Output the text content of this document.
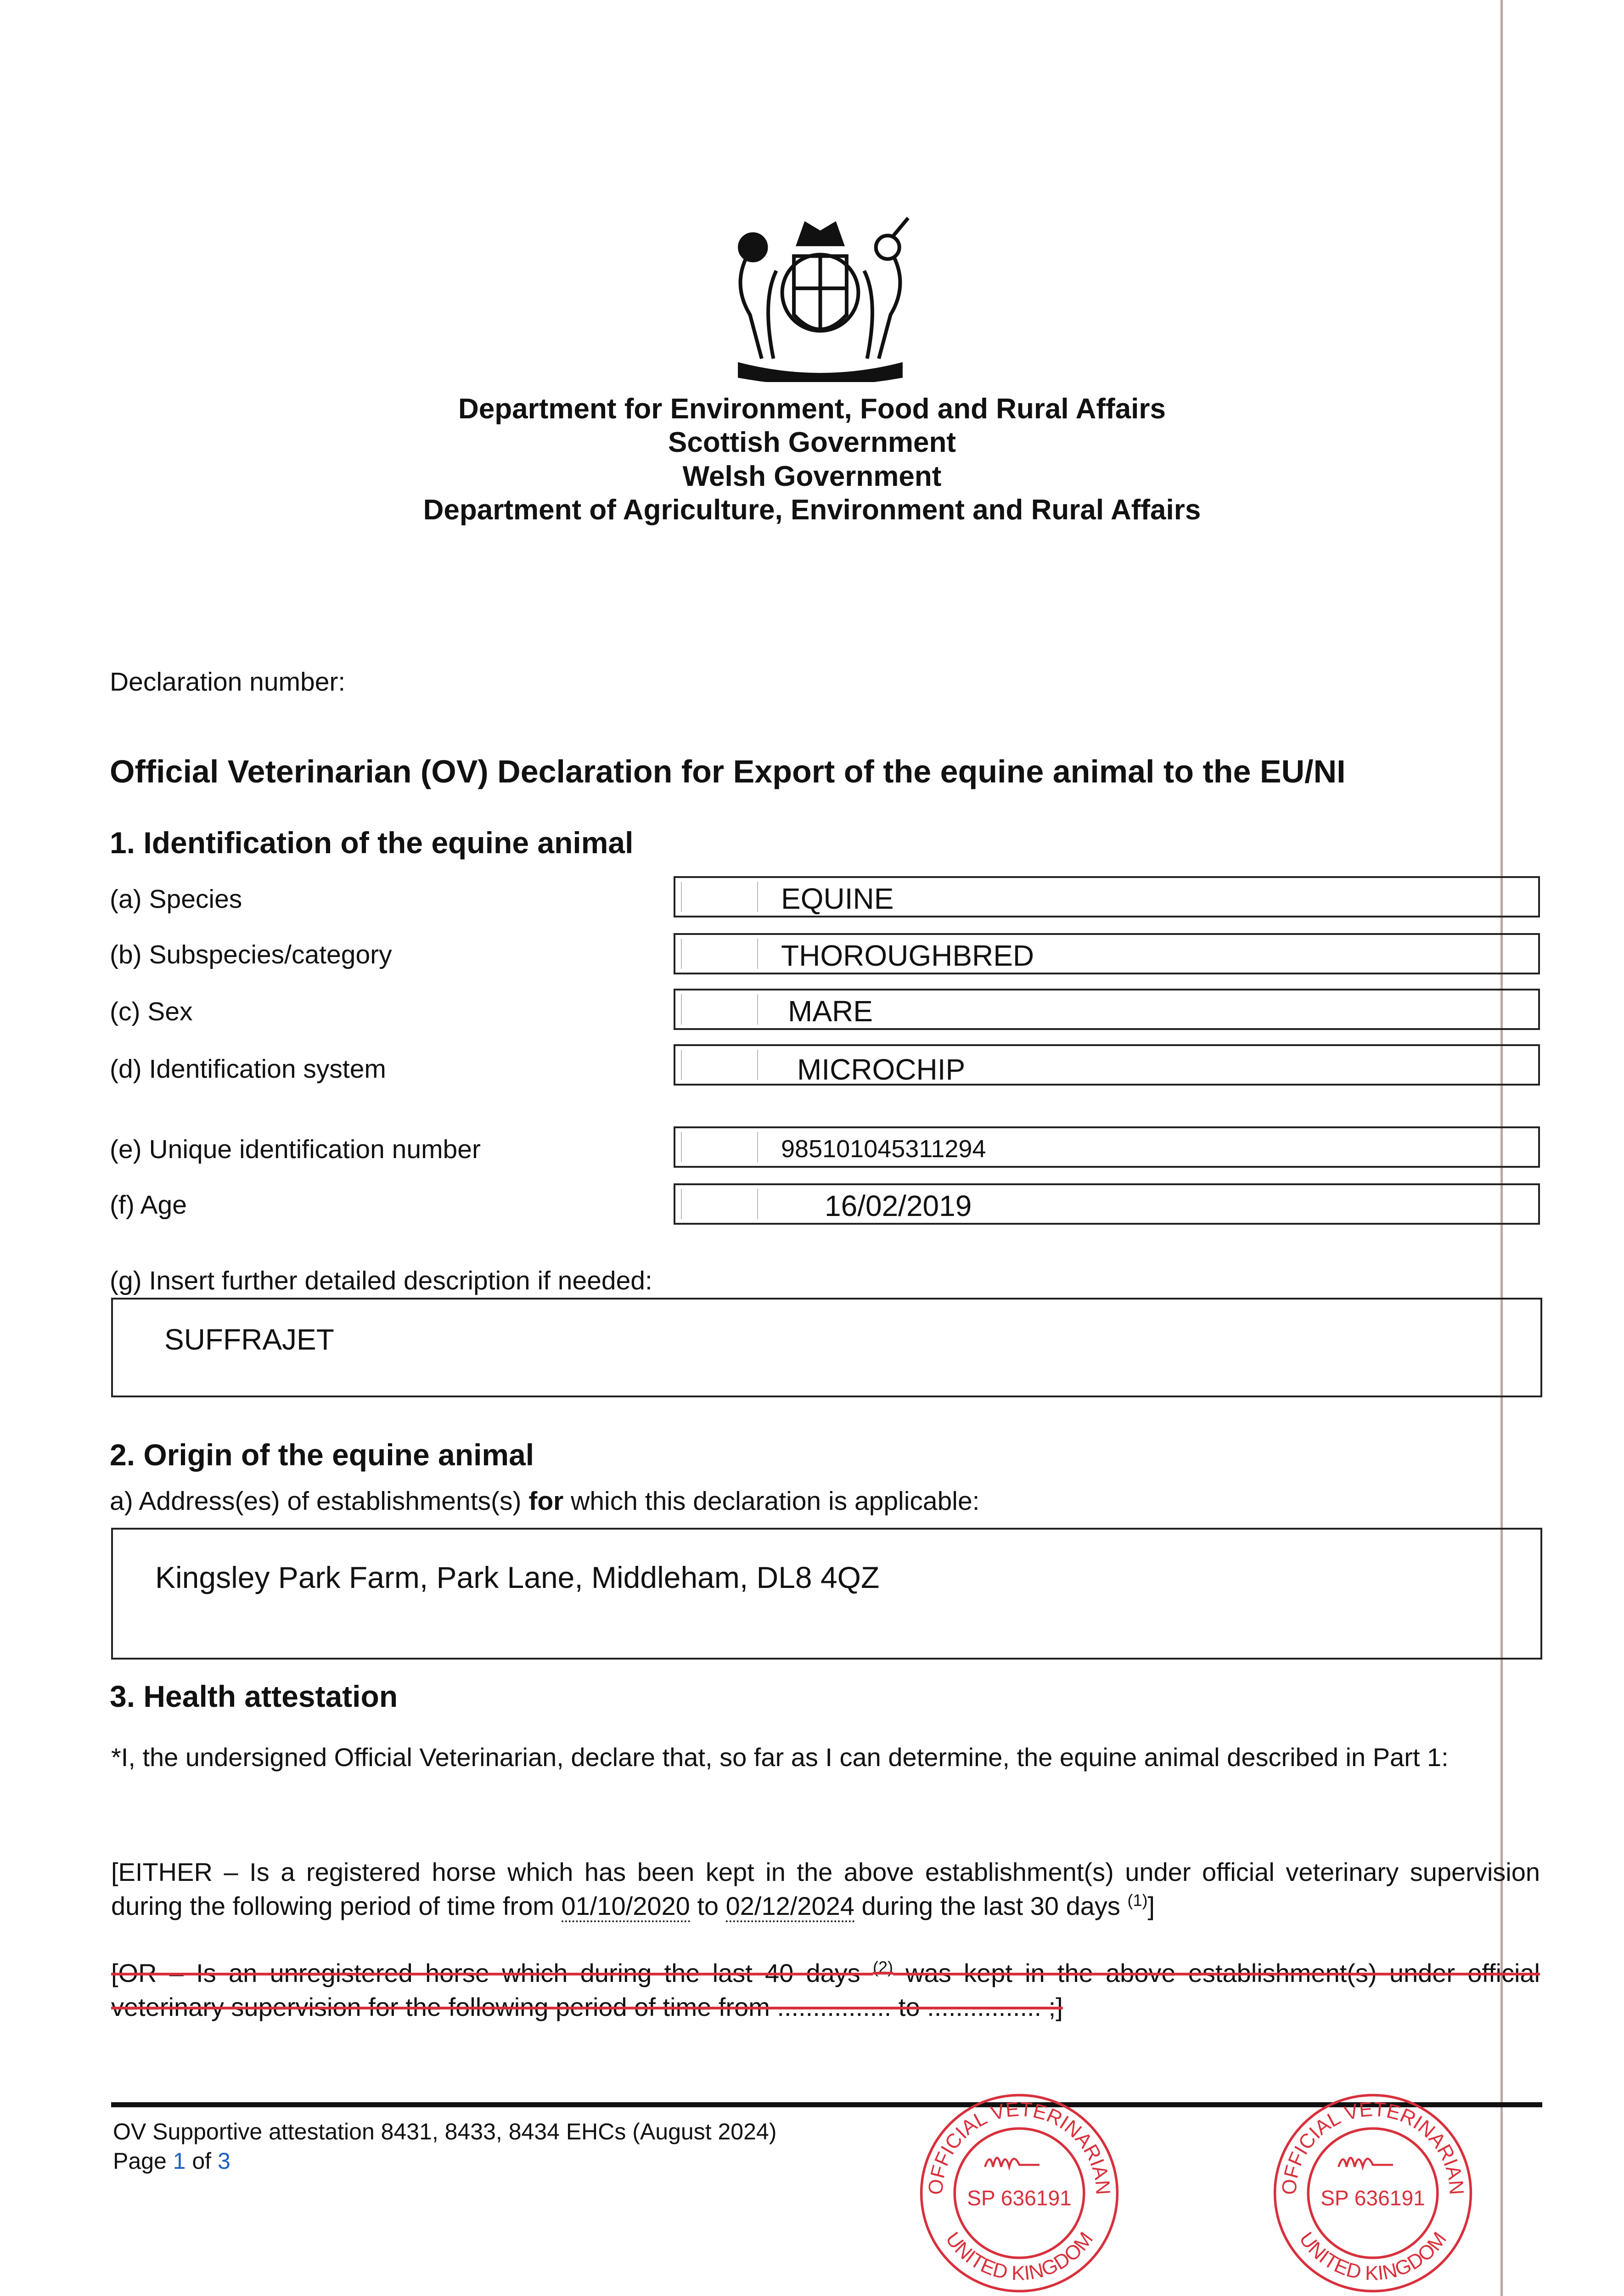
Department for Environment, Food and Rural Affairs
Scottish Government
Welsh Government
Department of Agriculture, Environment and Rural Affairs
Declaration number:
Official Veterinarian (OV) Declaration for Export of the equine animal to the EU/NI
1. Identification of the equine animal
(a) Species	EQUINE
(b) Subspecies/category	THOROUGHBRED
(c) Sex	MARE
(d) Identification system	MICROCHIP
(e) Unique identification number	985101045311294
(f) Age	16/02/2019
(g) Insert further detailed description if needed:
SUFFRAJET
2. Origin of the equine animal
a) Address(es) of establishments(s) for which this declaration is applicable:
Kingsley Park Farm, Park Lane, Middleham, DL8 4QZ
3. Health attestation
*I, the undersigned Official Veterinarian, declare that, so far as I can determine, the equine animal described in Part 1:
[EITHER – Is a registered horse which has been kept in the above establishment(s) under official veterinary supervision during the following period of time from 01/10/2020 to 02/12/2024 during the last 30 days $^{(1)}$]
[OR – Is an unregistered horse which during the last 40 days $^{(2)}$ was kept in the above establishment(s) under official veterinary supervision for the following period of time from ................ to ................ ;]
OV Supportive attestation 8431, 8433, 8434 EHCs (August 2024)
Page 1 of 3
OFFICIAL VETERINARIAN
UNITED KINGDOM
SP 636191	OFFICIAL VETERINARIAN
UNITED KINGDOM
SP 636191
